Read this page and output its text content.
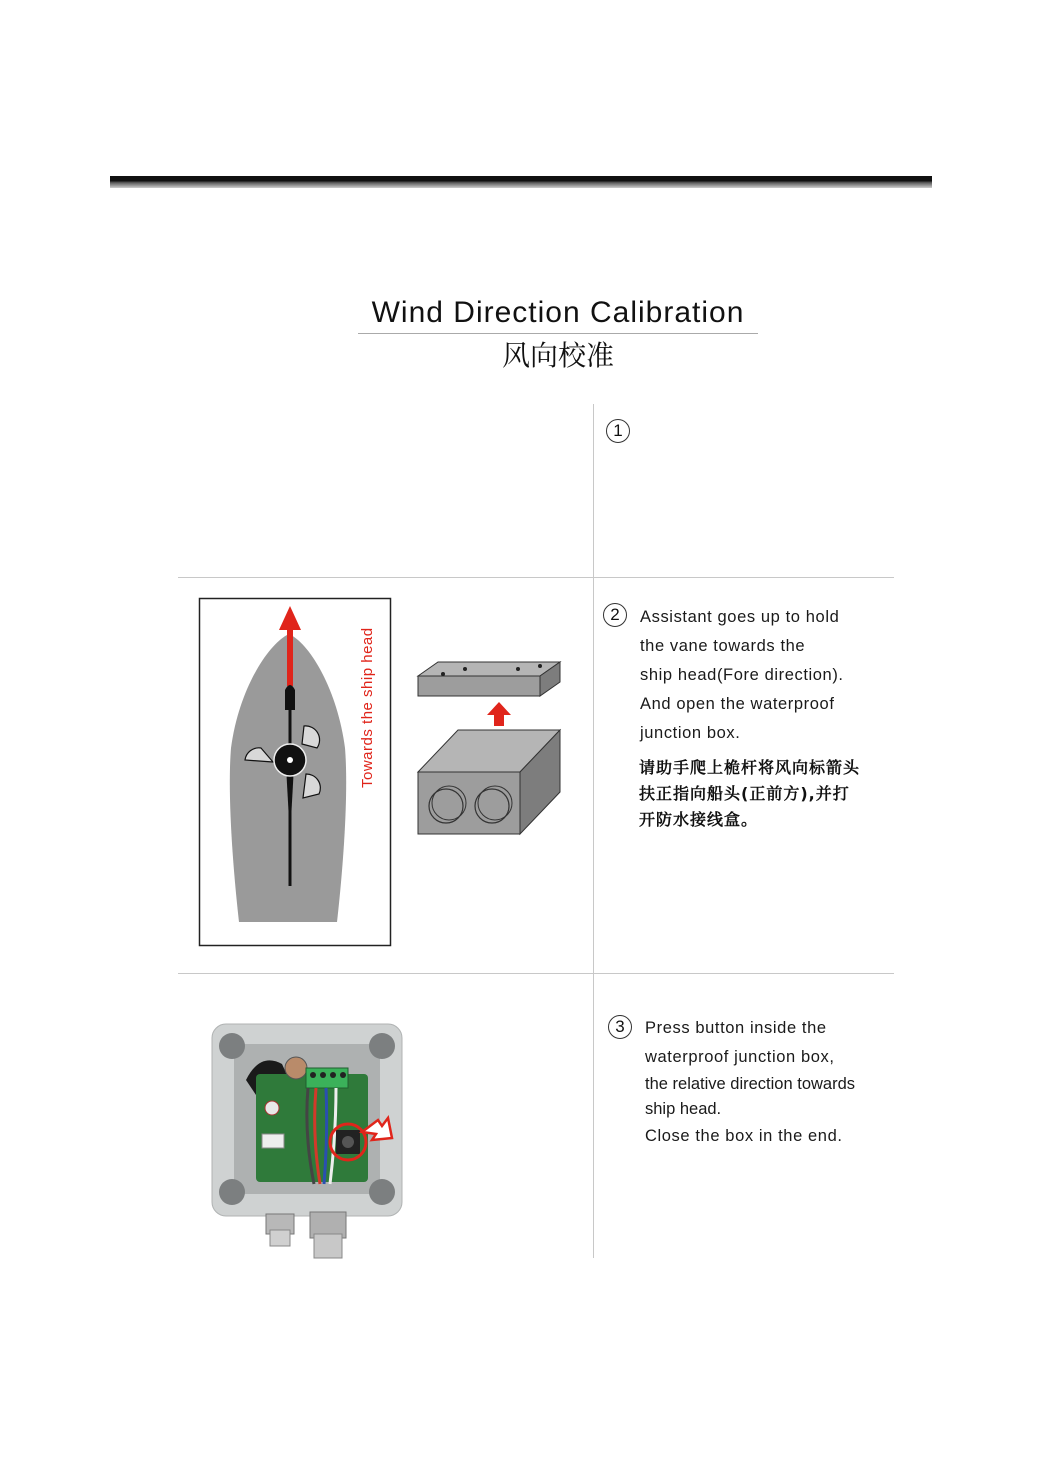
Wind Direction Calibration
风向校准
1
2	Assistant goes up to hold
the vane towards the
ship head(Fore direction).
And open the waterproof
junction box.
请助手爬上桅杆将风向标箭头
扶正指向船头(正前方),并打
开防水接线盒。
Towards the ship head
3	Press button inside the
waterproof junction box,
the relative direction towards
ship head.
Close the box in the end.
